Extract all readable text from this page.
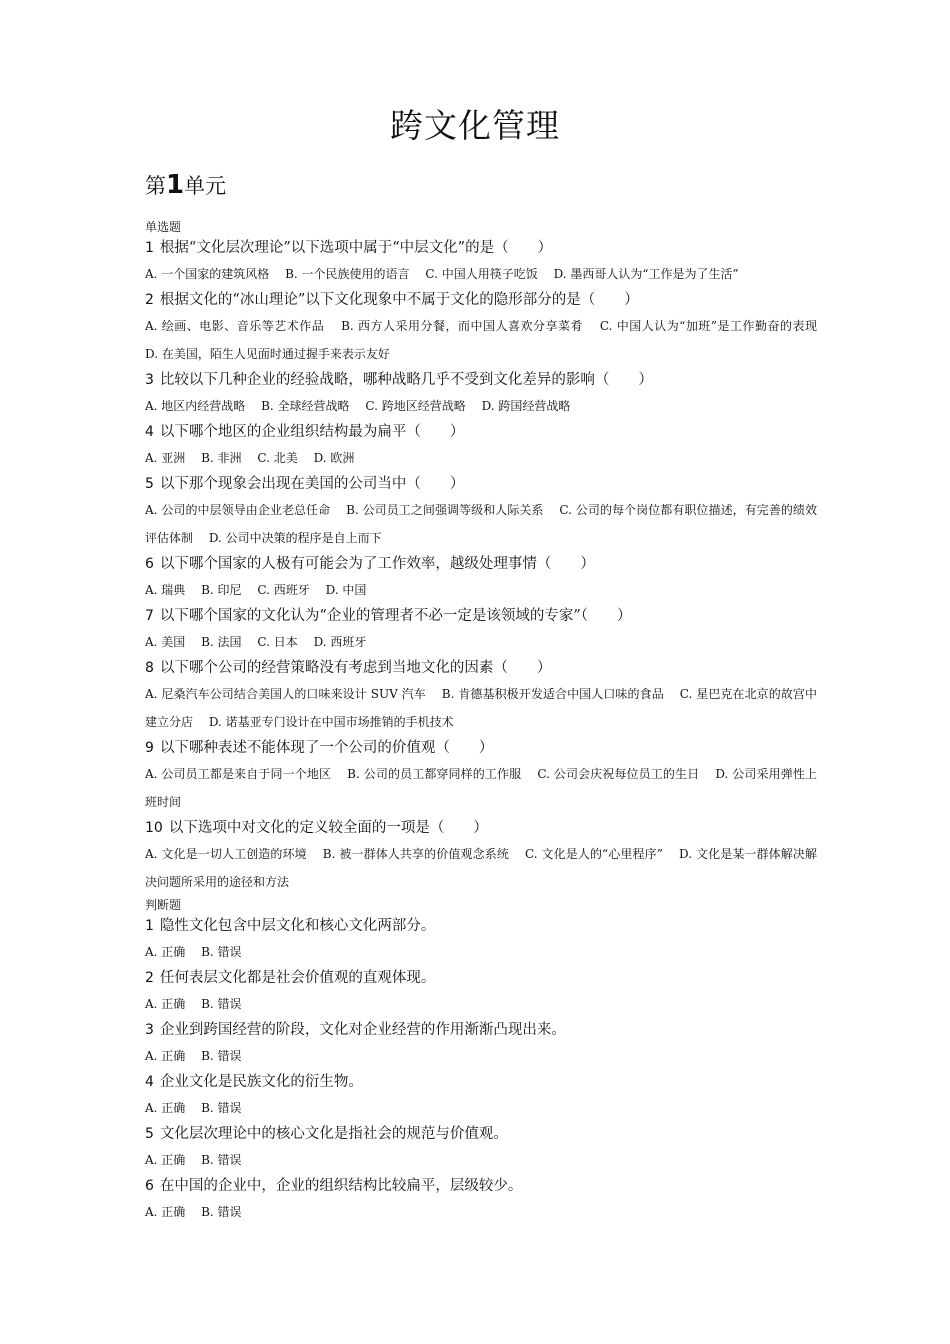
跨文化管理
第1单元

单选题

1 根据“文化层次理论”以下选项中属于“中层文化”的是（　　）

A. 一个国家的建筑风格　 B. 一个民族使用的语言　 C. 中国人用筷子吃饭　 D. 墨西哥人认为“工作是为了生活”

2 根据文化的“冰山理论”以下文化现象中不属于文化的隐形部分的是（　　）

A. 绘画、电影、音乐等艺术作品　 B. 西方人采用分餐，而中国人喜欢分享菜肴　 C. 中国人认为“加班”是工作勤奋的表现　 D. 在美国，陌生人见面时通过握手来表示友好

3 比较以下几种企业的经验战略，哪种战略几乎不受到文化差异的影响（　　）

A. 地区内经营战略　 B. 全球经营战略　 C. 跨地区经营战略　 D. 跨国经营战略

4 以下哪个地区的企业组织结构最为扁平（　　）

A. 亚洲　 B. 非洲　 C. 北美　 D. 欧洲

5 以下那个现象会出现在美国的公司当中（　　）

A. 公司的中层领导由企业老总任命　 B. 公司员工之间强调等级和人际关系　 C. 公司的每个岗位都有职位描述，有完善的绩效评估体制　 D. 公司中决策的程序是自上而下

6 以下哪个国家的人极有可能会为了工作效率，越级处理事情（　　）

A. 瑞典　 B. 印尼　 C. 西班牙　 D. 中国

7 以下哪个国家的文化认为“企业的管理者不必一定是该领域的专家”（　　）

A. 美国　 B. 法国　 C. 日本　 D. 西班牙

8 以下哪个公司的经营策略没有考虑到当地文化的因素（　　）

A. 尼桑汽车公司结合美国人的口味来设计 SUV 汽车　 B. 肯德基积极开发适合中国人口味的食品　 C. 星巴克在北京的故宫中建立分店　 D. 诺基亚专门设计在中国市场推销的手机技术

9 以下哪种表述不能体现了一个公司的价值观（　　）

A. 公司员工都是来自于同一个地区　 B. 公司的员工都穿同样的工作服　 C. 公司会庆祝每位员工的生日　 D. 公司采用弹性上班时间

10 以下选项中对文化的定义较全面的一项是（　　）

A. 文化是一切人工创造的环境　 B. 被一群体人共享的价值观念系统　 C. 文化是人的“心里程序”　 D. 文化是某一群体解决解决问题所采用的途径和方法

判断题

1 隐性文化包含中层文化和核心文化两部分。

A. 正确　 B. 错误

2 任何表层文化都是社会价值观的直观体现。

A. 正确　 B. 错误

3 企业到跨国经营的阶段，文化对企业经营的作用渐渐凸现出来。

A. 正确　 B. 错误

4 企业文化是民族文化的衍生物。

A. 正确　 B. 错误

5 文化层次理论中的核心文化是指社会的规范与价值观。

A. 正确　 B. 错误

6 在中国的企业中，企业的组织结构比较扁平，层级较少。

A. 正确　 B. 错误
